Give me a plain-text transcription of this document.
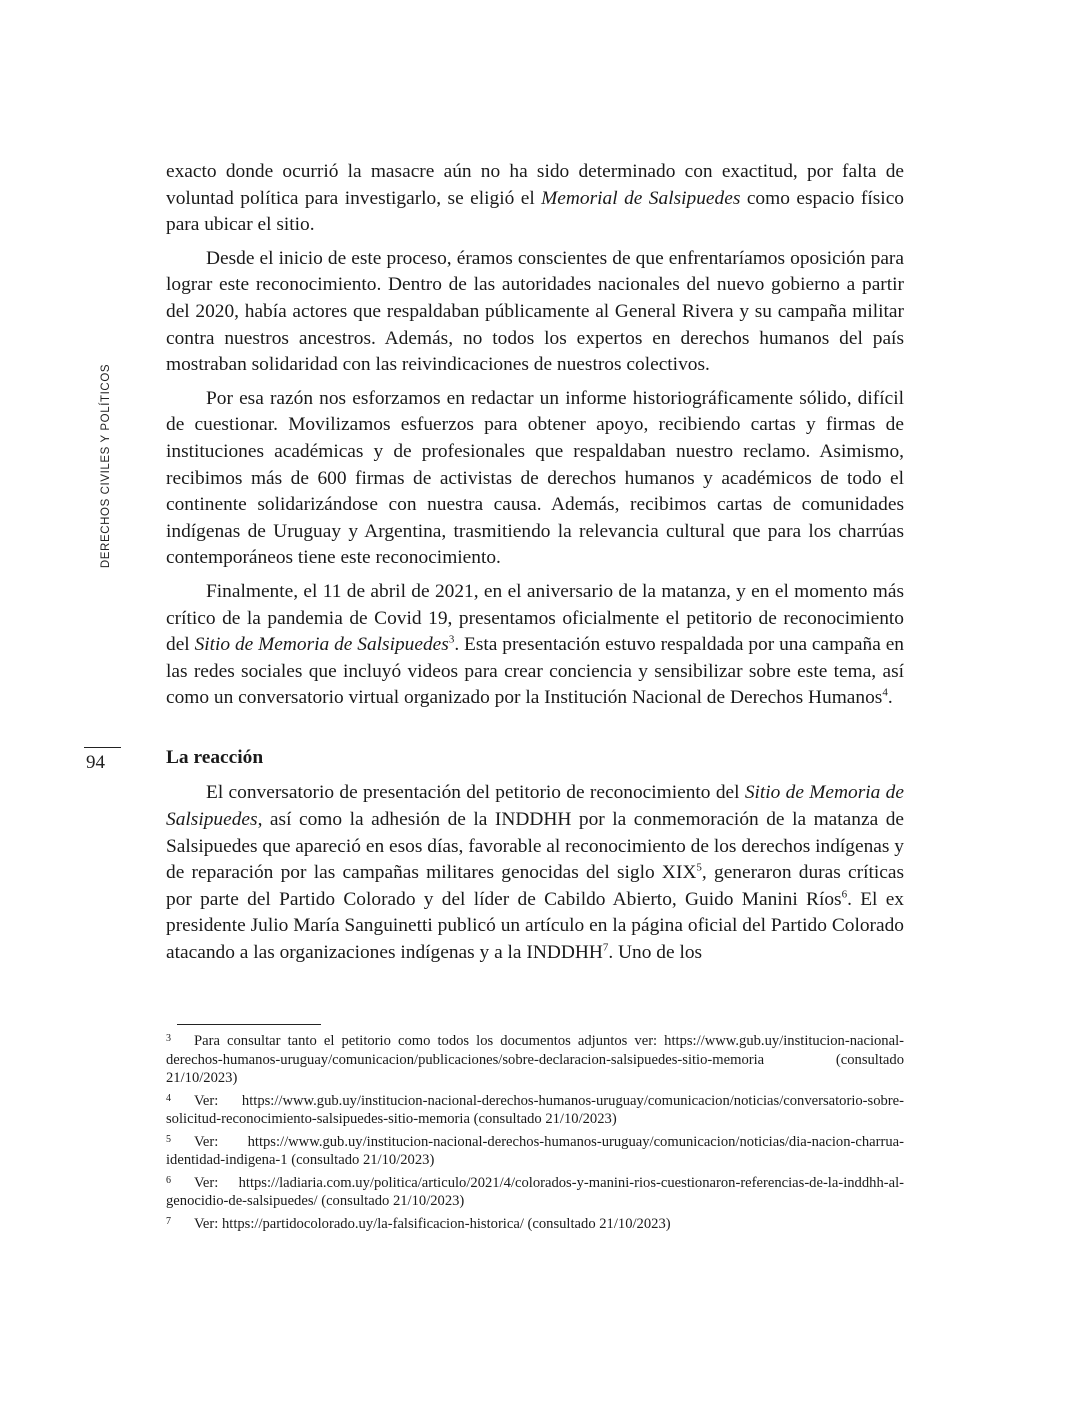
DERECHOS CIVILES Y POLÍTICOS
94

exacto donde ocurrió la masacre aún no ha sido determinado con exactitud, por falta de voluntad política para investigarlo, se eligió el Memorial de Salsipuedes como espacio físico para ubicar el sitio.

Desde el inicio de este proceso, éramos conscientes de que enfrentaríamos oposición para lograr este reconocimiento. Dentro de las autoridades nacionales del nuevo gobierno a partir del 2020, había actores que respaldaban públicamente al General Rivera y su campaña militar contra nuestros ancestros. Además, no todos los expertos en derechos humanos del país mostraban solidaridad con las reivindicaciones de nuestros colectivos.

Por esa razón nos esforzamos en redactar un informe historiográficamente sólido, difícil de cuestionar. Movilizamos esfuerzos para obtener apoyo, recibiendo cartas y firmas de instituciones académicas y de profesionales que respaldaban nuestro reclamo. Asimismo, recibimos más de 600 firmas de activistas de derechos humanos y académicos de todo el continente solidarizándose con nuestra causa. Además, recibimos cartas de comunidades indígenas de Uruguay y Argentina, trasmitiendo la relevancia cultural que para los charrúas contemporáneos tiene este reconocimiento.

Finalmente, el 11 de abril de 2021, en el aniversario de la matanza, y en el momento más crítico de la pandemia de Covid 19, presentamos oficialmente el petitorio de reconocimiento del Sitio de Memoria de Salsipuedes$^3$. Esta presentación estuvo respaldada por una campaña en las redes sociales que incluyó videos para crear conciencia y sensibilizar sobre este tema, así como un conversatorio virtual organizado por la Institución Nacional de Derechos Humanos$^4$.

La reacción

El conversatorio de presentación del petitorio de reconocimiento del Sitio de Memoria de Salsipuedes, así como la adhesión de la INDDHH por la conmemoración de la matanza de Salsipuedes que apareció en esos días, favorable al reconocimiento de los derechos indígenas y de reparación por las campañas militares genocidas del siglo XIX$^5$, generaron duras críticas por parte del Partido Colorado y del líder de Cabildo Abierto, Guido Manini Ríos$^6$. El ex presidente Julio María Sanguinetti publicó un artículo en la página oficial del Partido Colorado atacando a las organizaciones indígenas y a la INDDHH$^7$. Uno de los

3 Para consultar tanto el petitorio como todos los documentos adjuntos ver: https://www.gub.uy/institucion-nacional-derechos-humanos-uruguay/comunicacion/publicaciones/sobre-declaracion-salsipuedes-sitio-memoria (consultado 21/10/2023)

4 Ver: https://www.gub.uy/institucion-nacional-derechos-humanos-uruguay/comunicacion/noticias/conversatorio-sobre-solicitud-reconocimiento-salsipuedes-sitio-memoria (consultado 21/10/2023)

5 Ver: https://www.gub.uy/institucion-nacional-derechos-humanos-uruguay/comunicacion/noticias/dia-nacion-charrua-identidad-indigena-1 (consultado 21/10/2023)

6 Ver: https://ladiaria.com.uy/politica/articulo/2021/4/colorados-y-manini-rios-cuestionaron-referencias-de-la-inddhh-al-genocidio-de-salsipuedes/ (consultado 21/10/2023)

7 Ver: https://partidocolorado.uy/la-falsificacion-historica/ (consultado 21/10/2023)
